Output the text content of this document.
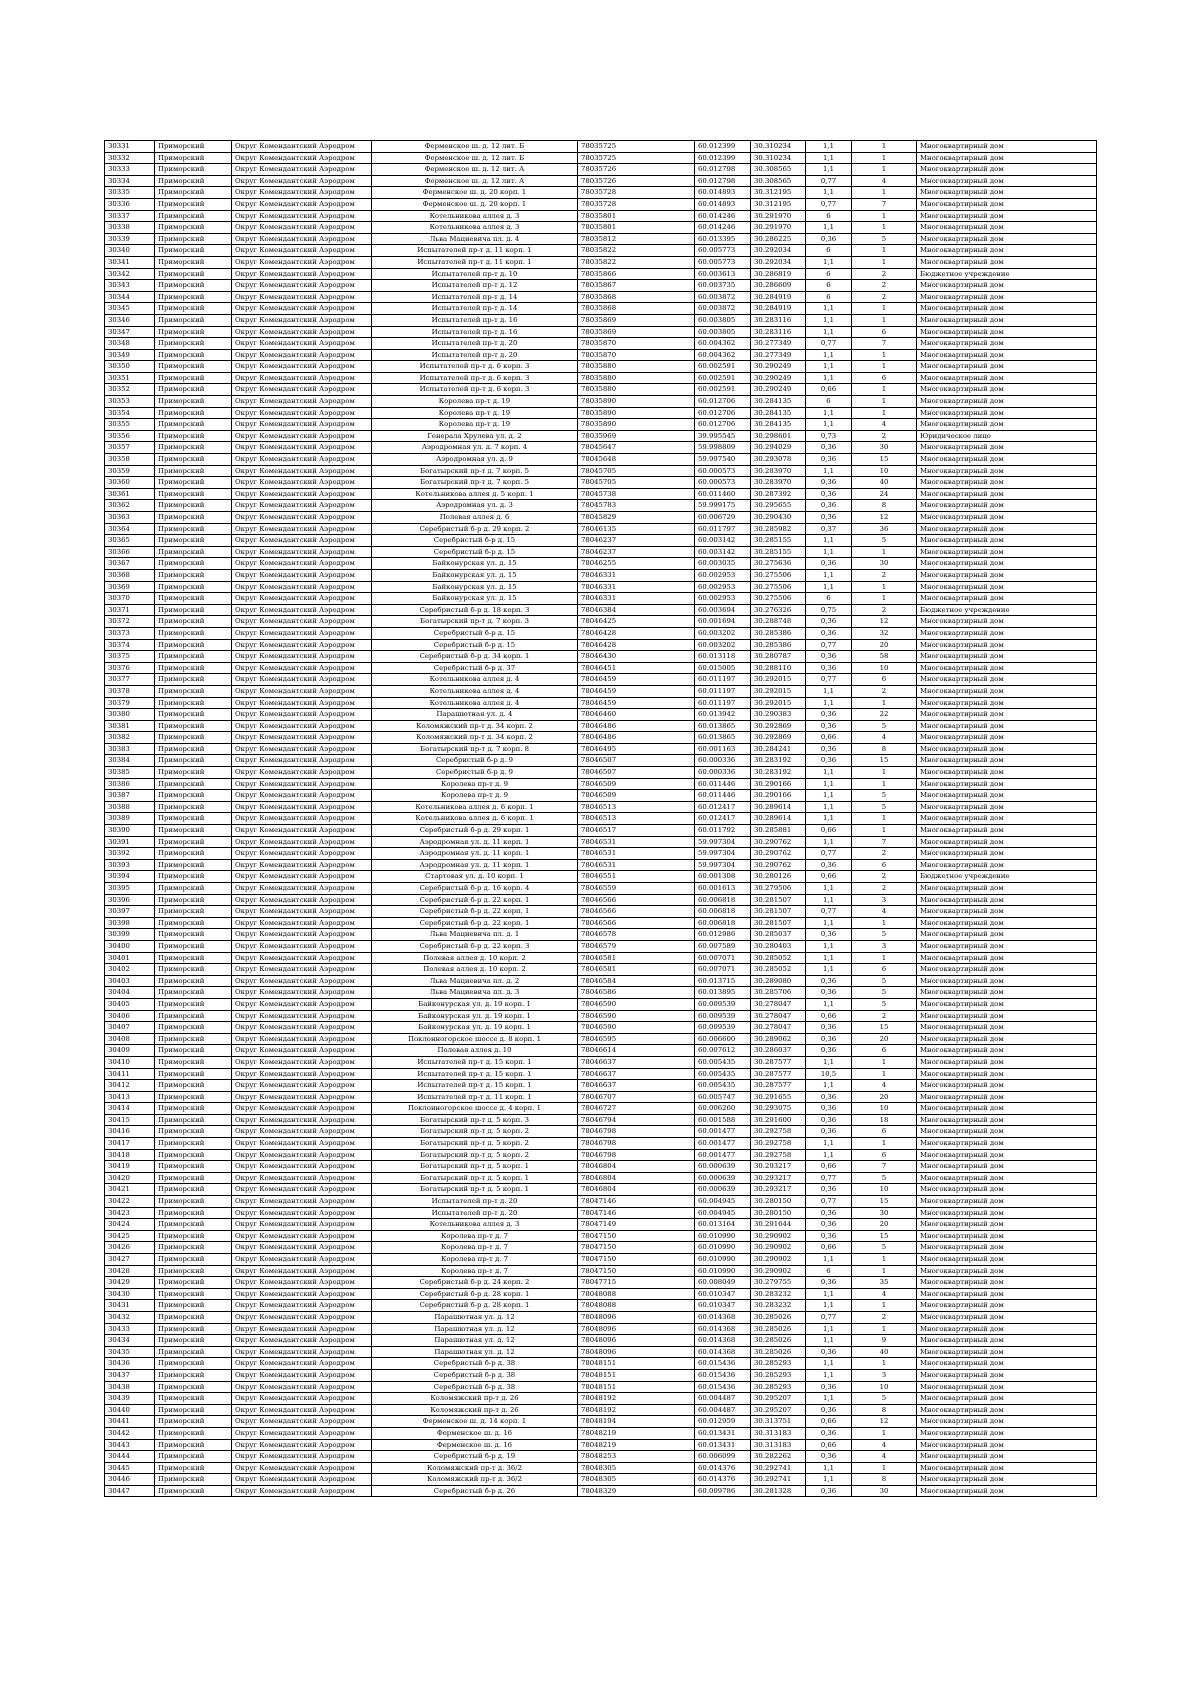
30331	Приморский	Округ Комендантский Аэродром	Ферменское ш. д. 12 лит. Б	78035725	60.012399	30.310234	1,1	1	Многоквартирный дом
30332	Приморский	Округ Комендантский Аэродром	Ферменское ш. д. 12 лит. Б	78035725	60.012399	30.310234	1,1	1	Многоквартирный дом
30333	Приморский	Округ Комендантский Аэродром	Ферменское ш. д. 12 лит. А	78035726	60.012798	30.308565	1,1	1	Многоквартирный дом
30334	Приморский	Округ Комендантский Аэродром	Ферменское ш. д. 12 лит. А	78035726	60.012798	30.308565	0,77	4	Многоквартирный дом
30335	Приморский	Округ Комендантский Аэродром	Ферменское ш. д. 20 корп. 1	78035728	60.014893	30.312195	1,1	1	Многоквартирный дом
30336	Приморский	Округ Комендантский Аэродром	Ферменское ш. д. 20 корп. 1	78035728	60.014893	30.312195	0,77	7	Многоквартирный дом
30337	Приморский	Округ Комендантский Аэродром	Котельникова аллея д. 3	78035801	60.014246	30.291970	6	1	Многоквартирный дом
30338	Приморский	Округ Комендантский Аэродром	Котельникова аллея д. 3	78035801	60.014246	30.291970	1,1	1	Многоквартирный дом
30339	Приморский	Округ Комендантский Аэродром	Льва Мациевича пл. д. 4	78035812	60.013395	30.286225	0,36	5	Многоквартирный дом
30340	Приморский	Округ Комендантский Аэродром	Испытателей пр-т д. 11 корп. 1	78035822	60.005773	30.292034	6	1	Многоквартирный дом
30341	Приморский	Округ Комендантский Аэродром	Испытателей пр-т д. 11 корп. 1	78035822	60.005773	30.292034	1,1	1	Многоквартирный дом
30342	Приморский	Округ Комендантский Аэродром	Испытателей пр-т д. 10	78035866	60.003613	30.286819	6	2	Бюджетное учреждение
30343	Приморский	Округ Комендантский Аэродром	Испытателей пр-т д. 12	78035867	60.003735	30.286609	6	2	Многоквартирный дом
30344	Приморский	Округ Комендантский Аэродром	Испытателей пр-т д. 14	78035868	60.003872	30.284919	6	2	Многоквартирный дом
30345	Приморский	Округ Комендантский Аэродром	Испытателей пр-т д. 14	78035868	60.003872	30.284919	1,1	1	Многоквартирный дом
30346	Приморский	Округ Комендантский Аэродром	Испытателей пр-т д. 16	78035869	60.003805	30.283116	1,1	1	Многоквартирный дом
30347	Приморский	Округ Комендантский Аэродром	Испытателей пр-т д. 16	78035869	60.003805	30.283116	1,1	6	Многоквартирный дом
30348	Приморский	Округ Комендантский Аэродром	Испытателей пр-т д. 20	78035870	60.004362	30.277349	0,77	7	Многоквартирный дом
30349	Приморский	Округ Комендантский Аэродром	Испытателей пр-т д. 20	78035870	60.004362	30.277349	1,1	1	Многоквартирный дом
30350	Приморский	Округ Комендантский Аэродром	Испытателей пр-т д. 6 корп. 3	78035880	60.002591	30.290249	1,1	1	Многоквартирный дом
30351	Приморский	Округ Комендантский Аэродром	Испытателей пр-т д. 6 корп. 3	78035880	60.002591	30.290249	1,1	6	Многоквартирный дом
30352	Приморский	Округ Комендантский Аэродром	Испытателей пр-т д. 6 корп. 3	78035880	60.002591	30.290249	0,66	1	Многоквартирный дом
30353	Приморский	Округ Комендантский Аэродром	Королева пр-т д. 19	78035890	60.012706	30.284135	6	1	Многоквартирный дом
30354	Приморский	Округ Комендантский Аэродром	Королева пр-т д. 19	78035890	60.012706	30.284135	1,1	1	Многоквартирный дом
30355	Приморский	Округ Комендантский Аэродром	Королева пр-т д. 19	78035890	60.012706	30.284135	1,1	4	Многоквартирный дом
30356	Приморский	Округ Комендантский Аэродром	Генерала Хрулева ул. д. 2	78035969	39.995545	30.298601	0,73	2	Юридическое лицо
30357	Приморский	Округ Комендантский Аэродром	Аэродромная ул. д. 7 корп. 4	78045647	59.998809	30.294029	0,36	30	Многоквартирный дом
30358	Приморский	Округ Комендантский Аэродром	Аэродромная ул. д. 9	78045648	59.997540	30.293078	0,36	15	Многоквартирный дом
30359	Приморский	Округ Комендантский Аэродром	Богатырский пр-т д. 7 корп. 5	78045705	60.000573	30.283970	1,1	10	Многоквартирный дом
30360	Приморский	Округ Комендантский Аэродром	Богатырский пр-т д. 7 корп. 5	78045705	60.000573	30.283970	0,36	40	Многоквартирный дом
30361	Приморский	Округ Комендантский Аэродром	Котельникова аллея д. 5 корп. 1	78045738	60.011460	30.287392	0,36	24	Многоквартирный дом
30362	Приморский	Округ Комендантский Аэродром	Аэродромная ул. д. 3	78045783	59.999175	30.295655	0,36	8	Многоквартирный дом
30363	Приморский	Округ Комендантский Аэродром	Полевая аллея д. 6	78045829	60.006729	30.290430	0,36	12	Многоквартирный дом
30364	Приморский	Округ Комендантский Аэродром	Серебристый б-р д. 29 корп. 2	78046135	60.011797	30.285982	0,37	36	Многоквартирный дом
30365	Приморский	Округ Комендантский Аэродром	Серебристый б-р д. 15	78046237	60.003142	30.285155	1,1	5	Многоквартирный дом
30366	Приморский	Округ Комендантский Аэродром	Серебристый б-р д. 15	78046237	60.003142	30.285155	1,1	1	Многоквартирный дом
30367	Приморский	Округ Комендантский Аэродром	Байконурская ул. д. 15	78046255	60.003035	30.275636	0,36	30	Многоквартирный дом
30368	Приморский	Округ Комендантский Аэродром	Байконурская ул. д. 15	78046331	60.002953	30.275506	1,1	2	Многоквартирный дом
30369	Приморский	Округ Комендантский Аэродром	Байконурская ул. д. 15	78046331	60.002953	30.275506	1,1	1	Многоквартирный дом
30370	Приморский	Округ Комендантский Аэродром	Байконурская ул. д. 15	78046331	60.002953	30.275506	6	1	Многоквартирный дом
30371	Приморский	Округ Комендантский Аэродром	Серебристый б-р д. 18 корп. 3	78046384	60.003694	30.276326	0,75	2	Бюджетное учреждение
30372	Приморский	Округ Комендантский Аэродром	Богатырский пр-т д. 7 корп. 3	78046425	60.001694	30.288748	0,36	12	Многоквартирный дом
30373	Приморский	Округ Комендантский Аэродром	Серебристый б-р д. 15	78046428	60.003202	30.285386	0,36	32	Многоквартирный дом
30374	Приморский	Округ Комендантский Аэродром	Серебристый б-р д. 15	78046428	60.003202	30.285386	0,77	20	Многоквартирный дом
30375	Приморский	Округ Комендантский Аэродром	Серебристый б-р д. 34 корп. 1	78046430	60.013118	30.280787	0,36	58	Многоквартирный дом
30376	Приморский	Округ Комендантский Аэродром	Серебристый б-р д. 37	78046451	60.015005	30.288110	0,36	10	Многоквартирный дом
30377	Приморский	Округ Комендантский Аэродром	Котельникова аллея д. 4	78046459	60.011197	30.292015	0,77	6	Многоквартирный дом
30378	Приморский	Округ Комендантский Аэродром	Котельникова аллея д. 4	78046459	60.011197	30.292015	1,1	2	Многоквартирный дом
30379	Приморский	Округ Комендантский Аэродром	Котельникова аллея д. 4	78046459	60.011197	30.292015	1,1	1	Многоквартирный дом
30380	Приморский	Округ Комендантский Аэродром	Парашютная ул. д. 4	78046460	60.013942	30.290383	0,36	22	Многоквартирный дом
30381	Приморский	Округ Комендантский Аэродром	Коломяжский пр-т д. 34 корп. 2	78046486	60.013865	30.292869	0,36	5	Многоквартирный дом
30382	Приморский	Округ Комендантский Аэродром	Коломяжский пр-т д. 34 корп. 2	78046486	60.013865	30.292869	0,66	4	Многоквартирный дом
30383	Приморский	Округ Комендантский Аэродром	Богатырский пр-т д. 7 корп. 8	78046495	60.001163	30.284241	0,36	8	Многоквартирный дом
30384	Приморский	Округ Комендантский Аэродром	Серебристый б-р д. 9	78046507	60.000336	30.283192	0,36	15	Многоквартирный дом
30385	Приморский	Округ Комендантский Аэродром	Серебристый б-р д. 9	78046507	60.000336	30.283192	1,1	1	Многоквартирный дом
30386	Приморский	Округ Комендантский Аэродром	Королева пр-т д. 9	78046509	60.011446	30.290166	1,1	1	Многоквартирный дом
30387	Приморский	Округ Комендантский Аэродром	Королева пр-т д. 9	78046509	60.011446	30.290166	1,1	5	Многоквартирный дом
30388	Приморский	Округ Комендантский Аэродром	Котельникова аллея д. 6 корп. 1	78046513	60.012417	30.289614	1,1	5	Многоквартирный дом
30389	Приморский	Округ Комендантский Аэродром	Котельникова аллея д. 6 корп. 1	78046513	60.012417	30.289614	1,1	1	Многоквартирный дом
30390	Приморский	Округ Комендантский Аэродром	Серебристый б-р д. 29 корп. 1	78046517	60.011792	30.285881	0,66	1	Многоквартирный дом
30391	Приморский	Округ Комендантский Аэродром	Аэродромная ул. д. 11 корп. 1	78046531	59.997304	30.290762	1,1	7	Многоквартирный дом
30392	Приморский	Округ Комендантский Аэродром	Аэродромная ул. д. 11 корп. 1	78046531	59.997304	30.290762	0,77	2	Многоквартирный дом
30393	Приморский	Округ Комендантский Аэродром	Аэродромная ул. д. 11 корп. 1	78046531	59.997304	30.290762	0,36	6	Многоквартирный дом
30394	Приморский	Округ Комендантский Аэродром	Стартовая ул. д. 10 корп. 1	78046551	60.001308	30.280126	0,66	2	Бюджетное учреждение
30395	Приморский	Округ Комендантский Аэродром	Серебристый б-р д. 16 корп. 4	78046559	60.001613	30.279506	1,1	2	Многоквартирный дом
30396	Приморский	Округ Комендантский Аэродром	Серебристый б-р д. 22 корп. 1	78046566	60.006818	30.281507	1,1	3	Многоквартирный дом
30397	Приморский	Округ Комендантский Аэродром	Серебристый б-р д. 22 корп. 1	78046566	60.006818	30.281507	0,77	4	Многоквартирный дом
30398	Приморский	Округ Комендантский Аэродром	Серебристый б-р д. 22 корп. 1	78046566	60.006818	30.281507	1,1	1	Многоквартирный дом
30399	Приморский	Округ Комендантский Аэродром	Льва Мациевича пл. д. 1	78046578	60.012986	30.285037	0,36	5	Многоквартирный дом
30400	Приморский	Округ Комендантский Аэродром	Серебристый б-р д. 22 корп. 3	78046579	60.007589	30.280403	1,1	3	Многоквартирный дом
30401	Приморский	Округ Комендантский Аэродром	Полевая аллея д. 10 корп. 2	78046581	60.007071	30.285052	1,1	1	Многоквартирный дом
30402	Приморский	Округ Комендантский Аэродром	Полевая аллея д. 10 корп. 2	78046581	60.007071	30.285052	1,1	6	Многоквартирный дом
30403	Приморский	Округ Комендантский Аэродром	Льва Мациевича пл. д. 2	78046584	60.013715	30.289080	0,36	5	Многоквартирный дом
30404	Приморский	Округ Комендантский Аэродром	Льва Мациевича пл. д. 3	78046586	60.013895	30.285706	0,36	5	Многоквартирный дом
30405	Приморский	Округ Комендантский Аэродром	Байконурская ул. д. 19 корп. 1	78046590	60.009539	30.278047	1,1	5	Многоквартирный дом
30406	Приморский	Округ Комендантский Аэродром	Байконурская ул. д. 19 корп. 1	78046590	60.009539	30.278047	0,66	2	Многоквартирный дом
30407	Приморский	Округ Комендантский Аэродром	Байконурская ул. д. 19 корп. 1	78046590	60.009539	30.278047	0,36	15	Многоквартирный дом
30408	Приморский	Округ Комендантский Аэродром	Поклонногорское шоссе д. 8 корп. 1	78046595	60.006600	30.289062	0,36	20	Многоквартирный дом
30409	Приморский	Округ Комендантский Аэродром	Полевая аллея д. 10	78046614	60.007612	30.286037	0,36	6	Многоквартирный дом
30410	Приморский	Округ Комендантский Аэродром	Испытателей пр-т д. 15 корп. 1	78046637	60.005435	30.287577	1,1	1	Многоквартирный дом
30411	Приморский	Округ Комендантский Аэродром	Испытателей пр-т д. 15 корп. 1	78046637	60.005435	30.287577	10,5	1	Многоквартирный дом
30412	Приморский	Округ Комендантский Аэродром	Испытателей пр-т д. 15 корп. 1	78046637	60.005435	30.287577	1,1	4	Многоквартирный дом
30413	Приморский	Округ Комендантский Аэродром	Испытателей пр-т д. 11 корп. 1	78046707	60.005747	30.291655	0,36	20	Многоквартирный дом
30414	Приморский	Округ Комендантский Аэродром	Поклонногорское шоссе д. 4 корп. 1	78046727	60.006260	30.293075	0,36	10	Многоквартирный дом
30415	Приморский	Округ Комендантский Аэродром	Богатырский пр-т д. 5 корп. 3	78046794	60.001588	30.291600	0,36	18	Многоквартирный дом
30416	Приморский	Округ Комендантский Аэродром	Богатырский пр-т д. 5 корп. 2	78046798	60.001477	30.292758	0,36	6	Многоквартирный дом
30417	Приморский	Округ Комендантский Аэродром	Богатырский пр-т д. 5 корп. 2	78046798	60.001477	30.292758	1,1	1	Многоквартирный дом
30418	Приморский	Округ Комендантский Аэродром	Богатырский пр-т д. 5 корп. 2	78046798	60.001477	30.292758	1,1	6	Многоквартирный дом
30419	Приморский	Округ Комендантский Аэродром	Богатырский пр-т д. 5 корп. 1	78046804	60.000639	30.293217	0,66	7	Многоквартирный дом
30420	Приморский	Округ Комендантский Аэродром	Богатырский пр-т д. 5 корп. 1	78046804	60.000639	30.293217	0,77	5	Многоквартирный дом
30421	Приморский	Округ Комендантский Аэродром	Богатырский пр-т д. 5 корп. 1	78046804	60.000639	30.293217	0,36	10	Многоквартирный дом
30422	Приморский	Округ Комендантский Аэродром	Испытателей пр-т д. 20	78047146	60.004945	30.280150	0,77	15	Многоквартирный дом
30423	Приморский	Округ Комендантский Аэродром	Испытателей пр-т д. 20	78047146	60.004945	30.280150	0,36	30	Многоквартирный дом
30424	Приморский	Округ Комендантский Аэродром	Котельникова аллея д. 3	78047149	60.013164	30.291644	0,36	20	Многоквартирный дом
30425	Приморский	Округ Комендантский Аэродром	Королева пр-т д. 7	78047150	60.010990	30.290902	0,36	15	Многоквартирный дом
30426	Приморский	Округ Комендантский Аэродром	Королева пр-т д. 7	78047150	60.010990	30.290902	0,66	5	Многоквартирный дом
30427	Приморский	Округ Комендантский Аэродром	Королева пр-т д. 7	78047150	60.010990	30.290902	1,1	1	Многоквартирный дом
30428	Приморский	Округ Комендантский Аэродром	Королева пр-т д. 7	78047150	60.010990	30.290902	6	1	Многоквартирный дом
30429	Приморский	Округ Комендантский Аэродром	Серебристый б-р д. 24 корп. 2	78047715	60.008049	30.279755	0,36	35	Многоквартирный дом
30430	Приморский	Округ Комендантский Аэродром	Серебристый б-р д. 28 корп. 1	78048088	60.010347	30.283232	1,1	4	Многоквартирный дом
30431	Приморский	Округ Комендантский Аэродром	Серебристый б-р д. 28 корп. 1	78048088	60.010347	30.283232	1,1	1	Многоквартирный дом
30432	Приморский	Округ Комендантский Аэродром	Парашютная ул. д. 12	78048096	60.014368	30.285026	0,77	2	Многоквартирный дом
30433	Приморский	Округ Комендантский Аэродром	Парашютная ул. д. 12	78048096	60.014368	30.285026	1,1	1	Многоквартирный дом
30434	Приморский	Округ Комендантский Аэродром	Парашютная ул. д. 12	78048096	60.014368	30.285026	1,1	9	Многоквартирный дом
30435	Приморский	Округ Комендантский Аэродром	Парашютная ул. д. 12	78048096	60.014368	30.285026	0,36	40	Многоквартирный дом
30436	Приморский	Округ Комендантский Аэродром	Серебристый б-р д. 38	78048151	60.015436	30.285293	1,1	1	Многоквартирный дом
30437	Приморский	Округ Комендантский Аэродром	Серебристый б-р д. 38	78048151	60.015436	30.285293	1,1	3	Многоквартирный дом
30438	Приморский	Округ Комендантский Аэродром	Серебристый б-р д. 38	78048151	60.015436	30.285293	0,36	10	Многоквартирный дом
30439	Приморский	Округ Комендантский Аэродром	Коломяжский пр-т д. 26	78048192	60.004487	30.295207	1,1	5	Многоквартирный дом
30440	Приморский	Округ Комендантский Аэродром	Коломяжский пр-т д. 26	78048192	60.004487	30.295207	0,36	8	Многоквартирный дом
30441	Приморский	Округ Комендантский Аэродром	Ферменское ш. д. 14 корп. 1	78048194	60.012959	30.313751	0,66	12	Многоквартирный дом
30442	Приморский	Округ Комендантский Аэродром	Ферменское ш. д. 16	78048219	60.013431	30.313183	0,36	1	Многоквартирный дом
30443	Приморский	Округ Комендантский Аэродром	Ферменское ш. д. 16	78048219	60.013431	30.313183	0,66	4	Многоквартирный дом
30444	Приморский	Округ Комендантский Аэродром	Серебристый б-р д. 19	78048253	60.006099	30.282262	0,36	4	Многоквартирный дом
30445	Приморский	Округ Комендантский Аэродром	Коломяжский пр-т д. 36/2	78048305	60.014376	30.292741	1,1	1	Многоквартирный дом
30446	Приморский	Округ Комендантский Аэродром	Коломяжский пр-т д. 36/2	78048305	60.014376	30.292741	1,1	8	Многоквартирный дом
30447	Приморский	Округ Комендантский Аэродром	Серебристый б-р д. 26	78048329	60.009786	30.281328	0,36	30	Многоквартирный дом
